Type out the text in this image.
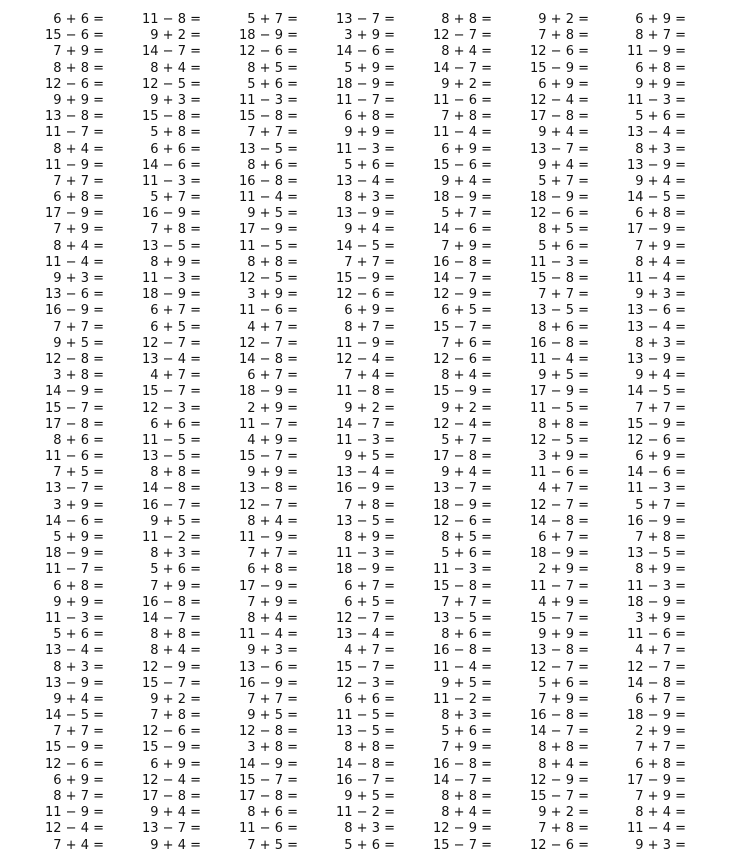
6 + 6 =
15 − 6 =
7 + 9 =
8 + 8 =
12 − 6 =
9 + 9 =
13 − 8 =
11 − 7 =
8 + 4 =
11 − 9 =
7 + 7 =
6 + 8 =
17 − 9 =
7 + 9 =
8 + 4 =
11 − 4 =
9 + 3 =
13 − 6 =
16 − 9 =
7 + 7 =
9 + 5 =
12 − 8 =
3 + 8 =
14 − 9 =
15 − 7 =
17 − 8 =
8 + 6 =
11 − 6 =
7 + 5 =
13 − 7 =
3 + 9 =
14 − 6 =
5 + 9 =
18 − 9 =
11 − 7 =
6 + 8 =
9 + 9 =
11 − 3 =
5 + 6 =
13 − 4 =
8 + 3 =
13 − 9 =
9 + 4 =
14 − 5 =
7 + 7 =
15 − 9 =
12 − 6 =
6 + 9 =
8 + 7 =
11 − 9 =
12 − 4 =
7 + 4 =
11 − 8 =
9 + 2 =
14 − 7 =
8 + 4 =
12 − 5 =
9 + 3 =
15 − 8 =
5 + 8 =
6 + 6 =
14 − 6 =
11 − 3 =
5 + 7 =
16 − 9 =
7 + 8 =
13 − 5 =
8 + 9 =
11 − 3 =
18 − 9 =
6 + 7 =
6 + 5 =
12 − 7 =
13 − 4 =
4 + 7 =
15 − 7 =
12 − 3 =
6 + 6 =
11 − 5 =
13 − 5 =
8 + 8 =
14 − 8 =
16 − 7 =
9 + 5 =
11 − 2 =
8 + 3 =
5 + 6 =
7 + 9 =
16 − 8 =
14 − 7 =
8 + 8 =
8 + 4 =
12 − 9 =
15 − 7 =
9 + 2 =
7 + 8 =
12 − 6 =
15 − 9 =
6 + 9 =
12 − 4 =
17 − 8 =
9 + 4 =
13 − 7 =
9 + 4 =
5 + 7 =
18 − 9 =
12 − 6 =
8 + 5 =
5 + 6 =
11 − 3 =
15 − 8 =
7 + 7 =
13 − 5 =
8 + 6 =
16 − 8 =
11 − 4 =
9 + 5 =
17 − 9 =
11 − 5 =
8 + 8 =
12 − 5 =
3 + 9 =
11 − 6 =
4 + 7 =
12 − 7 =
14 − 8 =
6 + 7 =
18 − 9 =
2 + 9 =
11 − 7 =
4 + 9 =
15 − 7 =
9 + 9 =
13 − 8 =
12 − 7 =
8 + 4 =
11 − 9 =
7 + 7 =
6 + 8 =
17 − 9 =
7 + 9 =
8 + 4 =
11 − 4 =
9 + 3 =
13 − 6 =
16 − 9 =
7 + 7 =
9 + 5 =
12 − 8 =
3 + 8 =
14 − 9 =
15 − 7 =
17 − 8 =
8 + 6 =
11 − 6 =
7 + 5 =
13 − 7 =
3 + 9 =
14 − 6 =
5 + 9 =
18 − 9 =
11 − 7 =
6 + 8 =
9 + 9 =
11 − 3 =
5 + 6 =
13 − 4 =
8 + 3 =
13 − 9 =
9 + 4 =
14 − 5 =
7 + 7 =
15 − 9 =
12 − 6 =
6 + 9 =
8 + 7 =
11 − 9 =
12 − 4 =
7 + 4 =
11 − 8 =
9 + 2 =
14 − 7 =
11 − 3 =
9 + 5 =
13 − 4 =
16 − 9 =
7 + 8 =
13 − 5 =
8 + 9 =
11 − 3 =
18 − 9 =
6 + 7 =
6 + 5 =
12 − 7 =
13 − 4 =
4 + 7 =
15 − 7 =
12 − 3 =
6 + 6 =
11 − 5 =
13 − 5 =
8 + 8 =
14 − 8 =
16 − 7 =
9 + 5 =
11 − 2 =
8 + 3 =
5 + 6 =
8 + 8 =
12 − 7 =
8 + 4 =
14 − 7 =
9 + 2 =
11 − 6 =
7 + 8 =
11 − 4 =
6 + 9 =
15 − 6 =
9 + 4 =
18 − 9 =
5 + 7 =
14 − 6 =
7 + 9 =
16 − 8 =
14 − 7 =
12 − 9 =
6 + 5 =
15 − 7 =
7 + 6 =
12 − 6 =
8 + 4 =
15 − 9 =
9 + 2 =
12 − 4 =
5 + 7 =
17 − 8 =
9 + 4 =
13 − 7 =
18 − 9 =
12 − 6 =
8 + 5 =
5 + 6 =
11 − 3 =
15 − 8 =
7 + 7 =
13 − 5 =
8 + 6 =
16 − 8 =
11 − 4 =
9 + 5 =
11 − 2 =
8 + 3 =
5 + 6 =
7 + 9 =
16 − 8 =
14 − 7 =
8 + 8 =
8 + 4 =
12 − 9 =
15 − 7 =
9 + 2 =
7 + 8 =
12 − 6 =
15 − 9 =
6 + 9 =
12 − 4 =
17 − 8 =
9 + 4 =
13 − 7 =
9 + 4 =
5 + 7 =
18 − 9 =
12 − 6 =
8 + 5 =
5 + 6 =
11 − 3 =
15 − 8 =
7 + 7 =
13 − 5 =
8 + 6 =
16 − 8 =
11 − 4 =
9 + 5 =
17 − 9 =
11 − 5 =
8 + 8 =
12 − 5 =
3 + 9 =
11 − 6 =
4 + 7 =
12 − 7 =
14 − 8 =
6 + 7 =
18 − 9 =
2 + 9 =
11 − 7 =
4 + 9 =
15 − 7 =
9 + 9 =
13 − 8 =
12 − 7 =
5 + 6 =
7 + 9 =
16 − 8 =
14 − 7 =
8 + 8 =
8 + 4 =
12 − 9 =
15 − 7 =
9 + 2 =
7 + 8 =
12 − 6 =
6 + 9 =
8 + 7 =
11 − 9 =
6 + 8 =
9 + 9 =
11 − 3 =
5 + 6 =
13 − 4 =
8 + 3 =
13 − 9 =
9 + 4 =
14 − 5 =
6 + 8 =
17 − 9 =
7 + 9 =
8 + 4 =
11 − 4 =
9 + 3 =
13 − 6 =
13 − 4 =
8 + 3 =
13 − 9 =
9 + 4 =
14 − 5 =
7 + 7 =
15 − 9 =
12 − 6 =
6 + 9 =
14 − 6 =
11 − 3 =
5 + 7 =
16 − 9 =
7 + 8 =
13 − 5 =
8 + 9 =
11 − 3 =
18 − 9 =
3 + 9 =
11 − 6 =
4 + 7 =
12 − 7 =
14 − 8 =
6 + 7 =
18 − 9 =
2 + 9 =
7 + 7 =
6 + 8 =
17 − 9 =
7 + 9 =
8 + 4 =
11 − 4 =
9 + 3 =
